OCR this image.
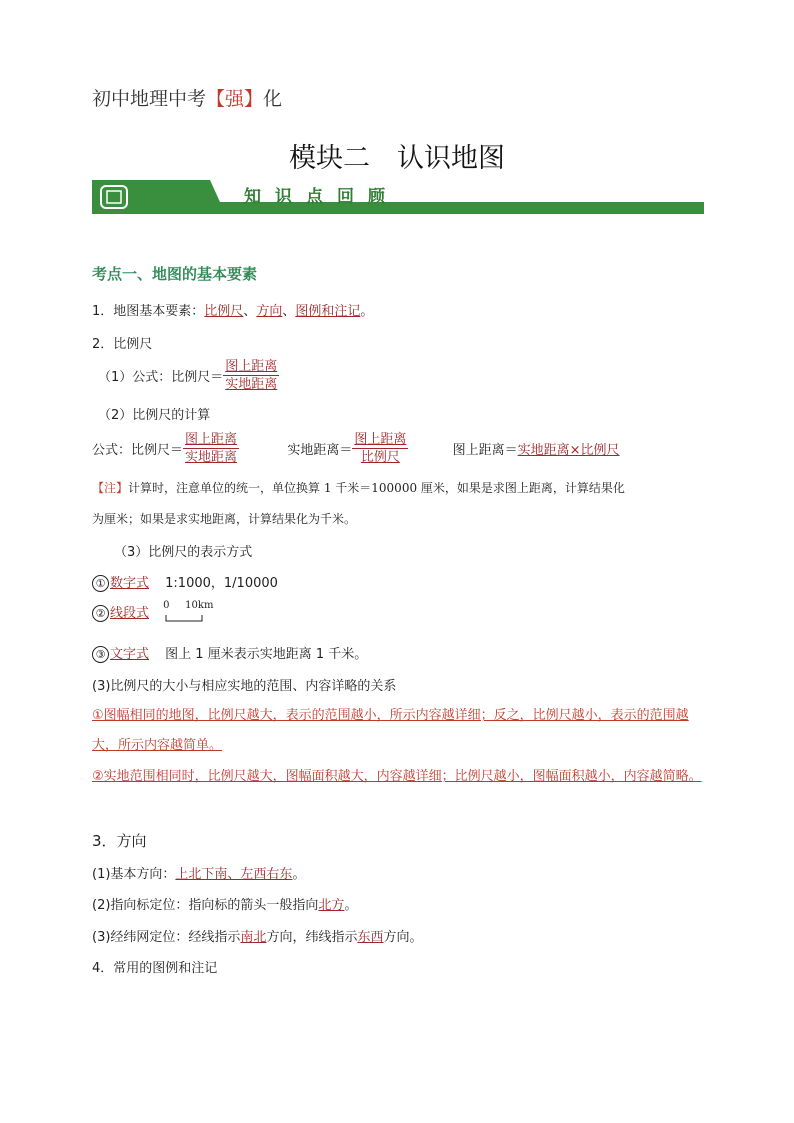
初中地理中考【强】化
模块二　认识地图
知识点回顾
考点一、地图的基本要素
1．地图基本要素：比例尺、方向、图例和注记。
2．比例尺
（1）公式：比例尺＝ $\frac{\text{图上距离}}{\text{实地距离}}$
（2）比例尺的计算
公式：比例尺＝ $\frac{\text{图上距离}}{\text{实地距离}}$	实地距离＝ $\frac{\text{图上距离}}{\text{比例尺}}$	图上距离＝实地距离×比例尺
【注】计算时，注意单位的统一，单位换算 1 千米＝100000 厘米，如果是求图上距离，计算结果化
为厘米；如果是求实地距离，计算结果化为千米。
（3）比例尺的表示方式
① 数字式 1:1000，1/10000
② 线段式
0 10km
③ 文字式 图上 1 厘米表示实地距离 1 千米。
(3)比例尺的大小与相应实地的范围、内容详略的关系
①图幅相同的地图，比例尺越大，表示的范围越小，所示内容越详细；反之，比例尺越小，表示的范围越大，所示内容越简单。
②实地范围相同时，比例尺越大，图幅面积越大，内容越详细；比例尺越小，图幅面积越小，内容越简略。
3．方向
(1)基本方向：上北下南、左西右东。
(2)指向标定位：指向标的箭头一般指向北方。
(3)经纬网定位：经线指示南北方向，纬线指示东西方向。
4．常用的图例和注记
